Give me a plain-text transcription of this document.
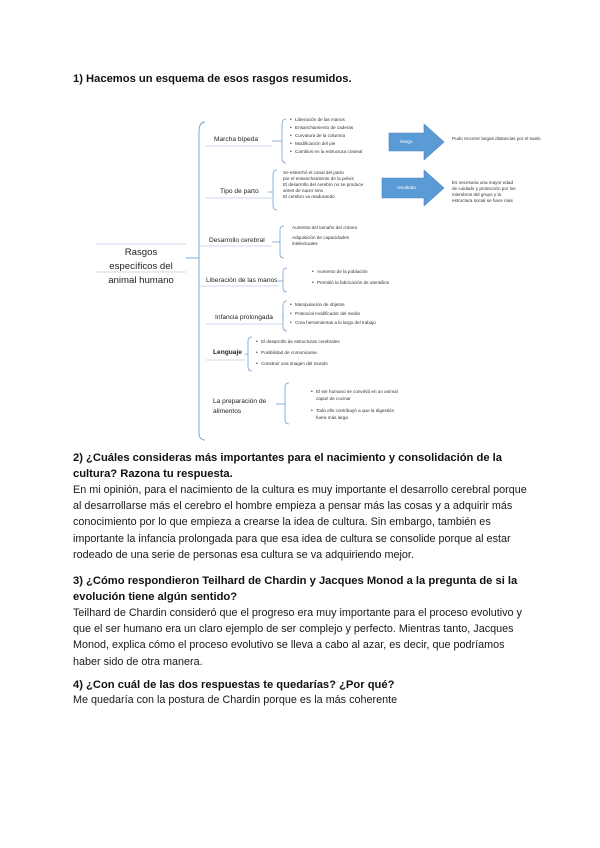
1) Hacemos un esquema de esos rasgos resumidos.

Rasgos
específicos del
animal humano
Marcha bípeda
• Liberación de las manos
• Ensanchamiento de caderas
• Curvatura de la columna
• Modificación del pie
• Cambios en la estructura craneal
riesgo
Pudo recorrer largas distancias por el suelo
Tipo de parto
Se estrechó el canal del parto
por el ensanchamiento de la pelvis
El desarrollo del cerebro no se produce
antes de nacer sino
El cerebro va madurando
resultado
Es necesaria una mayor edad
de cuidado y protección por los
miembros del grupo y la
estructura social se hace más
Desarrollo cerebral
Aumento del tamaño del cráneo
Adquisición de capacidades
intelectuales
Liberación de las manos
• Aumento de la población
• Permitió la fabricación de utensilios
Infancia prolongada
• Manipulación de objetos
• Potencial modificador del medio
• Crea herramientas a lo largo del trabajo
Lenguaje
• El desarrollo de estructuras cerebrales
• Posibilidad de comunicarse
• Construir una imagen del mundo
La preparación de
alimentos
• El ser humano se convirtió en un animal
capaz de cocinar
• Todo ello contribuyó a que la digestión
fuera más larga

2) ¿Cuáles consideras más importantes para el nacimiento y consolidación de la cultura? Razona tu respuesta.

En mi opinión, para el nacimiento de la cultura es muy importante el desarrollo cerebral porque al desarrollarse más el cerebro el hombre empieza a pensar más las cosas y a adquirir más conocimiento por lo que empieza a crearse la idea de cultura. Sin embargo, también es importante la infancia prolongada para que esa idea de cultura se consolide porque al estar rodeado de una serie de personas esa cultura se va adquiriendo mejor.

3) ¿Cómo respondieron Teilhard de Chardin y Jacques Monod a la pregunta de si la evolución tiene algún sentido?

Teilhard de Chardin consideró que el progreso era muy importante para el proceso evolutivo y que el ser humano era un claro ejemplo de ser complejo y perfecto. Mientras tanto, Jacques Monod, explica cómo el proceso evolutivo se lleva a cabo al azar, es decir, que podríamos haber sido de otra manera.

4) ¿Con cuál de las dos respuestas te quedarías? ¿Por qué?

Me quedaría con la postura de Chardin porque es la más coherente
